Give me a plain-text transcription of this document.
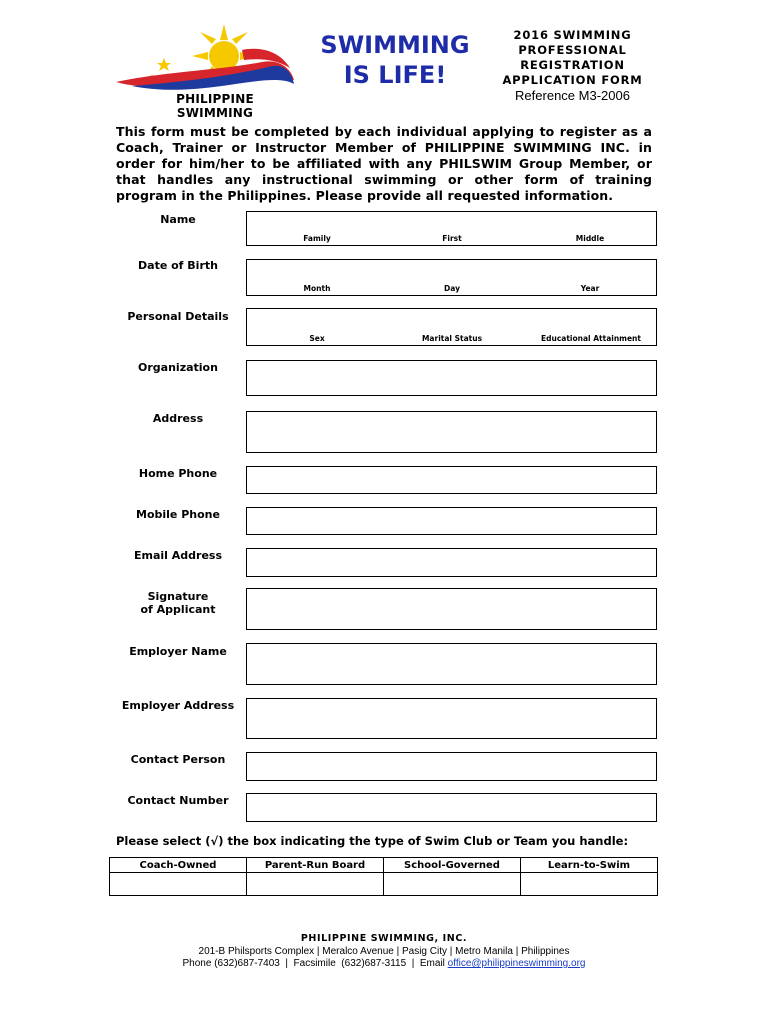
PHILIPPINE SWIMMING
SWIMMING
IS LIFE!
2016 SWIMMING
PROFESSIONAL
REGISTRATION
APPLICATION FORM
Reference M3-2006
This form must be completed by each individual applying to register as a Coach, Trainer or Instructor Member of PHILIPPINE SWIMMING INC. in order for him/her to be affiliated with any PHILSWIM Group Member, or that handles any instructional swimming or other form of training program in the Philippines. Please provide all requested information.
Name
Family	First	Middle
Date of Birth
Month	Day	Year
Personal Details
Sex	Marital Status	Educational Attainment
Organization
Address
Home Phone
Mobile Phone
Email Address
Signature
of Applicant
Employer Name
Employer Address
Contact Person
Contact Number
Please select (√) the box indicating the type of Swim Club or Team you handle:
Coach-Owned	Parent-Run Board	School-Governed	Learn-to-Swim

PHILIPPINE SWIMMING, INC.
201-B Philsports Complex | Meralco Avenue | Pasig City | Metro Manila | Philippines
Phone (632)687-7403  |  Facsimile  (632)687-3115  |  Email office@philippineswimming.org
